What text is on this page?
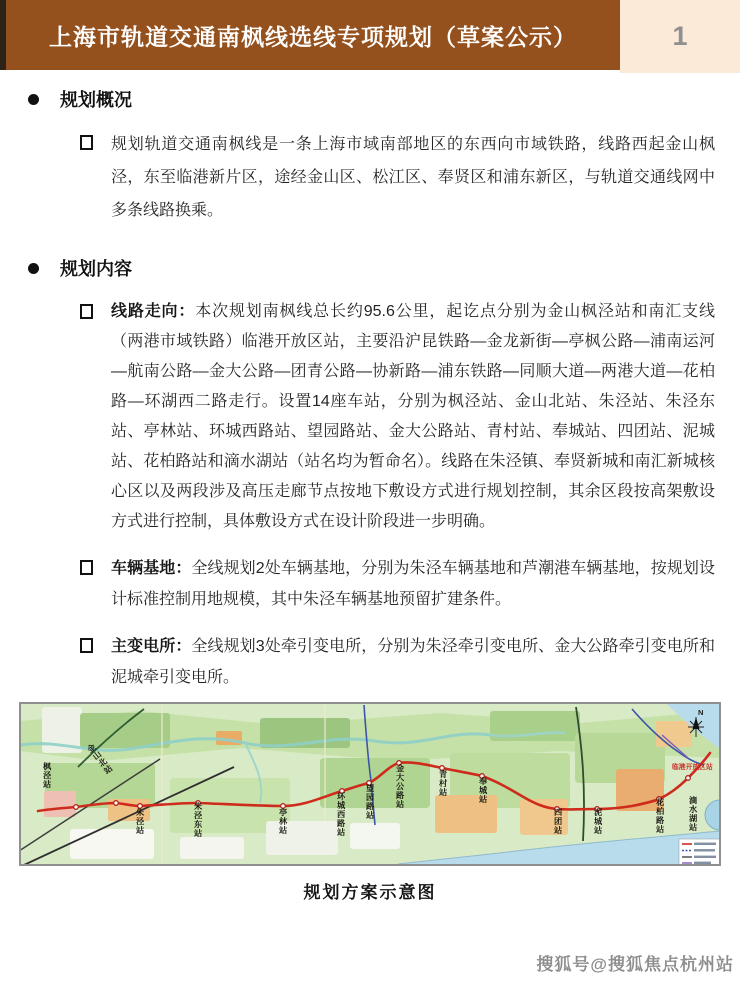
上海市轨道交通南枫线选线专项规划（草案公示）	1
规划概况
规划轨道交通南枫线是一条上海市域南部地区的东西向市域铁路，线路西起金山枫泾，东至临港新片区，途经金山区、松江区、奉贤区和浦东新区，与轨道交通线网中多条线路换乘。
规划内容
线路走向：本次规划南枫线总长约95.6公里，起讫点分别为金山枫泾站和南汇支线（两港市域铁路）临港开放区站，主要沿沪昆铁路—金龙新街—亭枫公路—浦南运河—航南公路—金大公路—团青公路—协新路—浦东铁路—同顺大道—两港大道—花柏路—环湖西二路走行。设置14座车站，分别为枫泾站、金山北站、朱泾站、朱泾东站、亭林站、环城西路站、望园路站、金大公路站、青村站、奉城站、四团站、泥城站、花柏路站和滴水湖站（站名均为暂命名）。线路在朱泾镇、奉贤新城和南汇新城核心区以及两段涉及高压走廊节点按地下敷设方式进行规划控制，其余区段按高架敷设方式进行控制，具体敷设方式在设计阶段进一步明确。
车辆基地：全线规划2处车辆基地，分别为朱泾车辆基地和芦潮港车辆基地，按规划设计标准控制用地规模，其中朱泾车辆基地预留扩建条件。
主变电所：全线规划3处牵引变电所，分别为朱泾牵引变电所、金大公路牵引变电所和泥城牵引变电所。
枫泾站
金山北站
朱泾站
朱泾东站
亭林站
环城西路站
望园路站
金大公路站
青村站
奉城站
四团站
泥城站
花柏路站
滴水湖站
临港开放区站
N
规划方案示意图
搜狐号@搜狐焦点杭州站
